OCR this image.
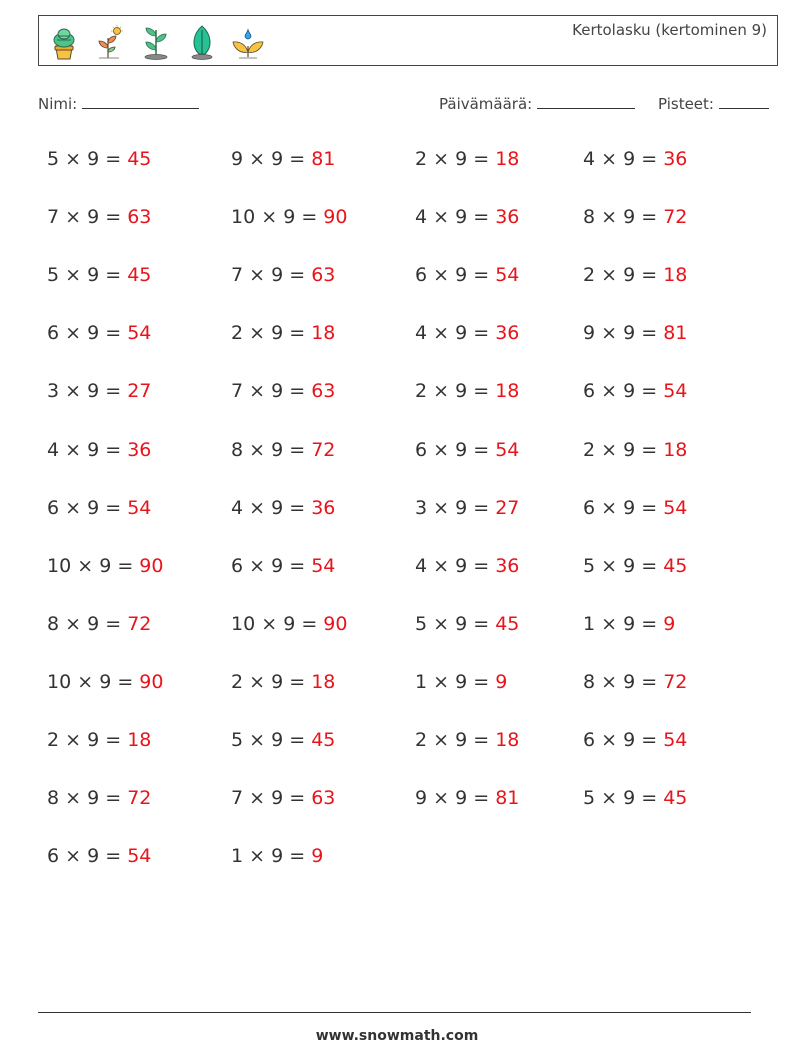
Kertolasku (kertominen 9)
Nimi:	Päivämäärä:	Pisteet:
5 × 9 = 45	9 × 9 = 81	2 × 9 = 18	4 × 9 = 36
7 × 9 = 63	10 × 9 = 90	4 × 9 = 36	8 × 9 = 72
5 × 9 = 45	7 × 9 = 63	6 × 9 = 54	2 × 9 = 18
6 × 9 = 54	2 × 9 = 18	4 × 9 = 36	9 × 9 = 81
3 × 9 = 27	7 × 9 = 63	2 × 9 = 18	6 × 9 = 54
4 × 9 = 36	8 × 9 = 72	6 × 9 = 54	2 × 9 = 18
6 × 9 = 54	4 × 9 = 36	3 × 9 = 27	6 × 9 = 54
10 × 9 = 90	6 × 9 = 54	4 × 9 = 36	5 × 9 = 45
8 × 9 = 72	10 × 9 = 90	5 × 9 = 45	1 × 9 = 9
10 × 9 = 90	2 × 9 = 18	1 × 9 = 9	8 × 9 = 72
2 × 9 = 18	5 × 9 = 45	2 × 9 = 18	6 × 9 = 54
8 × 9 = 72	7 × 9 = 63	9 × 9 = 81	5 × 9 = 45
6 × 9 = 54	1 × 9 = 9
www.snowmath.com
